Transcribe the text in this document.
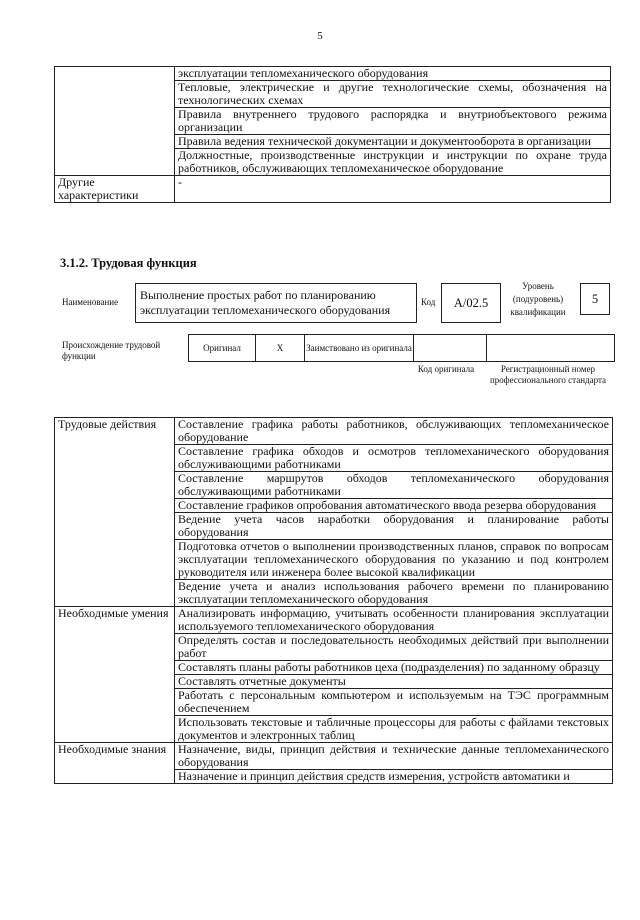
5
	эксплуатации тепломеханического оборудования
	Тепловые, электрические и другие технологические схемы, обозначения на технологических схемах
	Правила внутреннего трудового распорядка и внутриобъектового режима организации
	Правила ведения технической документации и документооборота в организации
	Должностные, производственные инструкции и инструкции по охране труда работников, обслуживающих тепломеханическое оборудование
Другие характеристики	-
3.1.2. Трудовая функция
Наименование	Выполнение простых работ по планированию эксплуатации тепломеханического оборудования
Код	А/02.5
Уровень (подуровень) квалификации
5
Происхождение трудовой функции
Оригинал	X	Заимствовано из оригинала		
Код оригинала	Регистрационный номер профессионального стандарта
Трудовые действия	Составление графика работы работников, обслуживающих тепломеханическое оборудование
	Составление графика обходов и осмотров тепломеханического оборудования обслуживающими работниками
	Составление маршрутов обходов тепломеханического оборудования обслуживающими работниками
	Составление графиков опробования автоматического ввода резерва оборудования
	Ведение учета часов наработки оборудования и планирование работы оборудования
	Подготовка отчетов о выполнении производственных планов, справок по вопросам эксплуатации тепломеханического оборудования по указанию и под контролем руководителя или инженера более высокой квалификации
	Ведение учета и анализ использования рабочего времени по планированию эксплуатации тепломеханического оборудования
Необходимые умения	Анализировать информацию, учитывать особенности планирования эксплуатации используемого тепломеханического оборудования
	Определять состав и последовательность необходимых действий при выполнении работ
	Составлять планы работы работников цеха (подразделения) по заданному образцу
	Составлять отчетные документы
	Работать с персональным компьютером и используемым на ТЭС программным обеспечением
	Использовать текстовые и табличные процессоры для работы с файлами текстовых документов и электронных таблиц
Необходимые знания	Назначение, виды, принцип действия и технические данные тепломеханического оборудования
	Назначение и принцип действия средств измерения, устройств автоматики и
